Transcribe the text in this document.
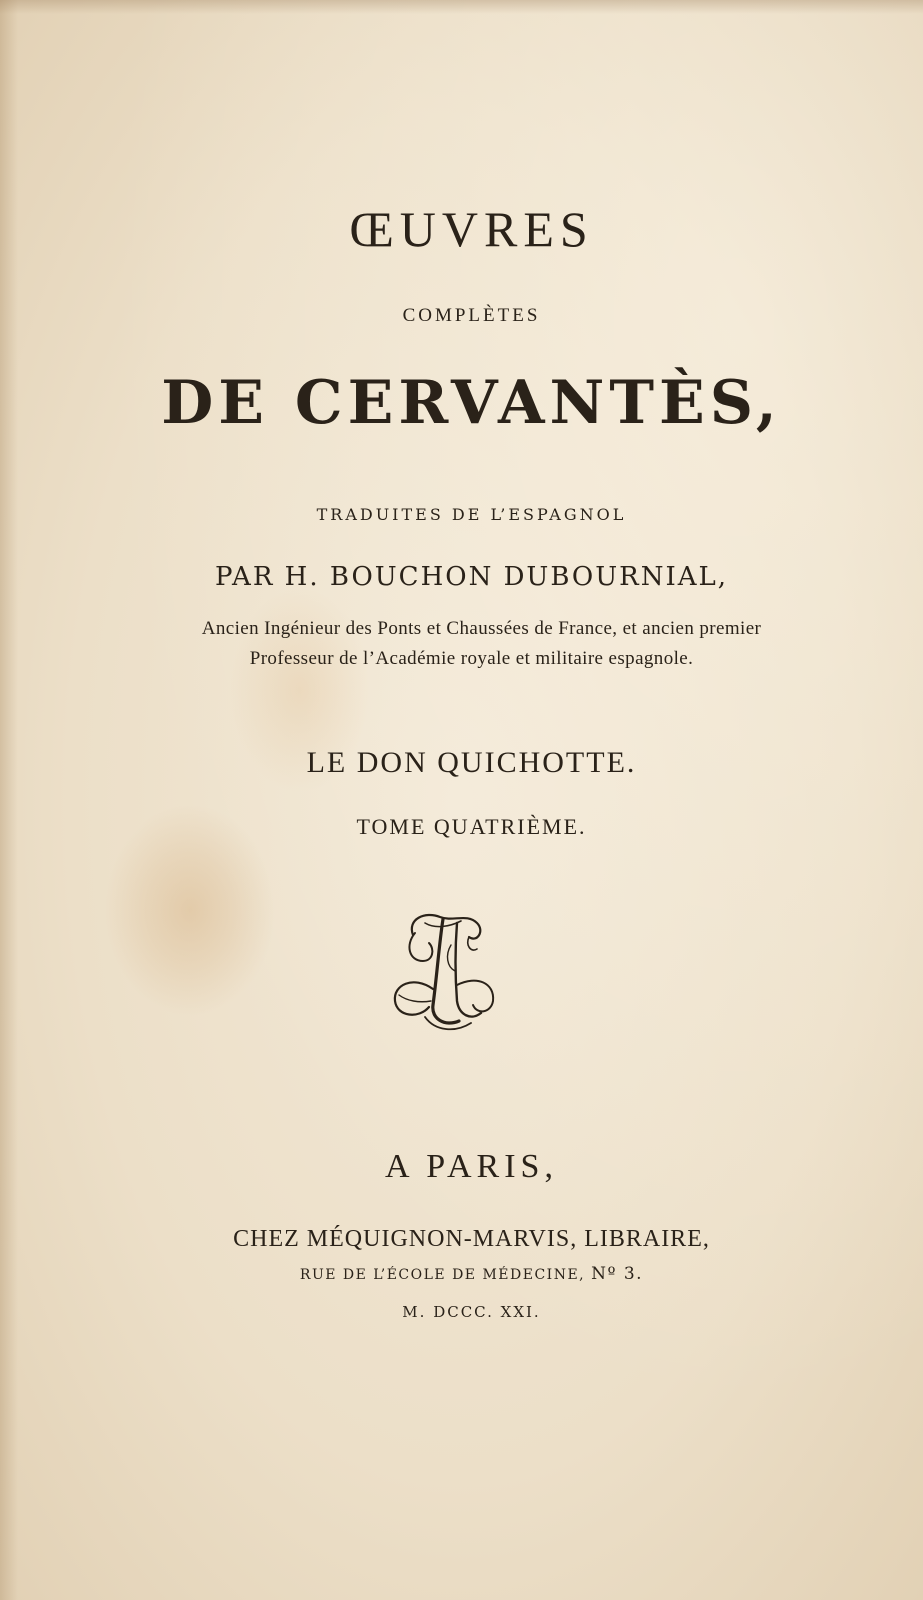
ŒUVRES
COMPLÈTES
DE CERVANTÈS,
TRADUITES DE L’ESPAGNOL
PAR H. BOUCHON DUBOURNIAL,
Ancien Ingénieur des Ponts et Chaussées de France, et ancien premier
Professeur de l’Académie royale et militaire espagnole.
LE DON QUICHOTTE.
TOME QUATRIÈME.
A PARIS,
CHEZ MÉQUIGNON-MARVIS, LIBRAIRE,
RUE DE L’ÉCOLE DE MÉDECINE, Nº 3.
M. DCCC. XXI.
